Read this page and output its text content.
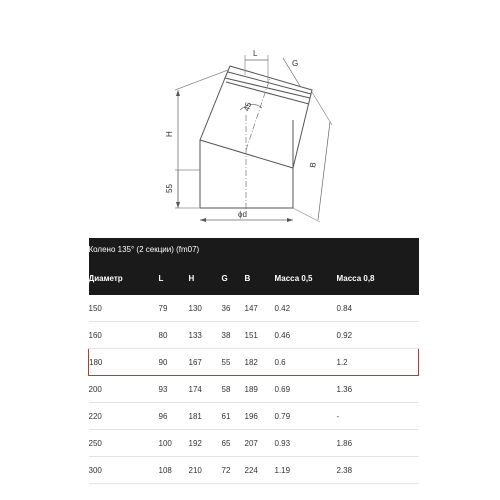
L
G
45
H
55
B
ϕd
Колено 135° (2 секции) (fm07)						
Диаметр	L	H	G	B	Масса 0,5	Масса 0,8
150	79	130	36	147	0.42	0.84
160	80	133	38	151	0.46	0.92
180	90	167	55	182	0.6	1.2
200	93	174	58	189	0.69	1.36
220	96	181	61	196	0.79	-
250	100	192	65	207	0.93	1.86
300	108	210	72	224	1.19	2.38
